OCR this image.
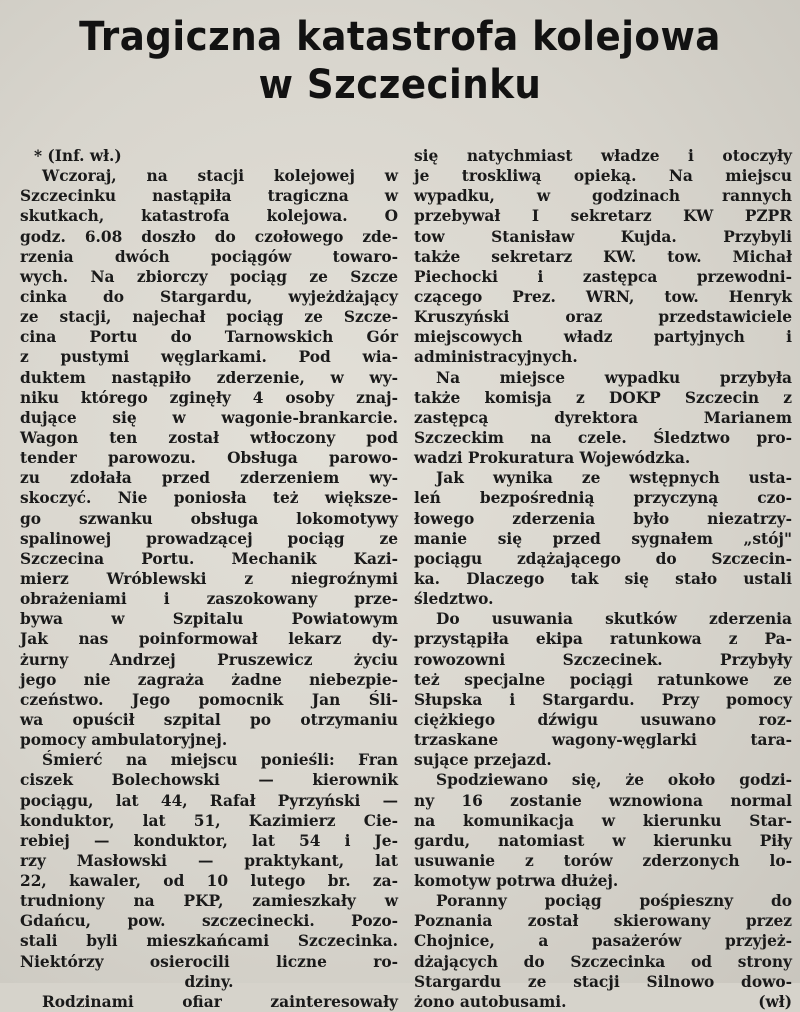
Tragiczna katastrofa kolejowa
w Szczecinku
* (Inf. wł.)
Wczoraj, na stacji kolejowej w
Szczecinku nastąpiła tragiczna w
skutkach, katastrofa kolejowa. O
godz. 6.08 doszło do czołowego zde-
rzenia dwóch pociągów towaro-
wych. Na zbiorczy pociąg ze Szcze
cinka do Stargardu, wyjeżdżający
ze stacji, najechał pociąg ze Szcze-
cina Portu do Tarnowskich Gór
z pustymi węglarkami. Pod wia-
duktem nastąpiło zderzenie, w wy-
niku którego zginęły 4 osoby znaj-
dujące się w wagonie-brankarcie.
Wagon ten został wtłoczony pod
tender parowozu. Obsługa parowo-
zu zdołała przed zderzeniem wy-
skoczyć. Nie poniosła też większe-
go szwanku obsługa lokomotywy
spalinowej prowadzącej pociąg ze
Szczecina Portu. Mechanik Kazi-
mierz Wróblewski z niegroźnymi
obrażeniami i zaszokowany prze-
bywa w Szpitalu Powiatowym
Jak nas poinformował lekarz dy-
żurny Andrzej Pruszewicz życiu
jego nie zagraża żadne niebezpie-
czeństwo. Jego pomocnik Jan Śli-
wa opuścił szpital po otrzymaniu
pomocy ambulatoryjnej.
Śmierć na miejscu ponieśli: Fran
ciszek Bolechowski — kierownik
pociągu, lat 44, Rafał Pyrzyński —
konduktor, lat 51, Kazimierz Cie-
rebiej — konduktor, lat 54 i Je-
rzy Masłowski — praktykant, lat
22, kawaler, od 10 lutego br. za-
trudniony na PKP, zamieszkały w
Gdańcu, pow. szczecinecki. Pozo-
stali byli mieszkańcami Szczecinka.
Niektórzy osierocili liczne ro-
dziny.
Rodzinami ofiar zainteresowały
się natychmiast władze i otoczyły
je troskliwą opieką. Na miejscu
wypadku, w godzinach rannych
przebywał I sekretarz KW PZPR
tow Stanisław Kujda. Przybyli
także sekretarz KW. tow. Michał
Piechocki i zastępca przewodni-
czącego Prez. WRN, tow. Henryk
Kruszyński oraz przedstawiciele
miejscowych władz partyjnych i
administracyjnych.
Na miejsce wypadku przybyła
także komisja z DOKP Szczecin z
zastępcą dyrektora Marianem
Szczeckim na czele. Śledztwo pro-
wadzi Prokuratura Wojewódzka.
Jak wynika ze wstępnych usta-
leń bezpośrednią przyczyną czo-
łowego zderzenia było niezatrzy-
manie się przed sygnałem „stój"
pociągu zdążającego do Szczecin-
ka. Dlaczego tak się stało ustali
śledztwo.
Do usuwania skutków zderzenia
przystąpiła ekipa ratunkowa z Pa-
rowozowni Szczecinek. Przybyły
też specjalne pociągi ratunkowe ze
Słupska i Stargardu. Przy pomocy
ciężkiego dźwigu usuwano roz-
trzaskane wagony-węglarki tara-
sujące przejazd.
Spodziewano się, że około godzi-
ny 16 zostanie wznowiona normal
na komunikacja w kierunku Star-
gardu, natomiast w kierunku Piły
usuwanie z torów zderzonych lo-
komotyw potrwa dłużej.
Poranny pociąg pośpieszny do
Poznania został skierowany przez
Chojnice, a pasażerów przyjeż-
dżających do Szczecinka od strony
Stargardu ze stacji Silnowo dowo-
żono autobusami.	(wł)
